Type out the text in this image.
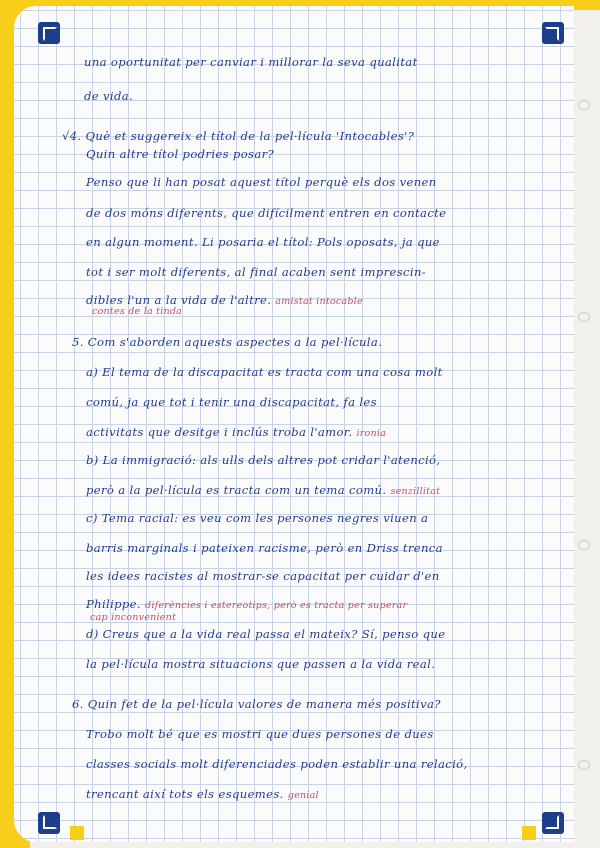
una oportunitat per canviar i millorar la seva qualitat
de vida.
√4. Què et suggereix el títol de la pel·lícula 'Intocables'?
Quin altre títol podries posar?
Penso que li han posat aquest títol perquè els dos venen
de dos móns diferents, que difícilment entren en contacte
en algun moment. Li posaria el títol: Pols oposats, ja que
tot i ser molt diferents, al final acaben sent imprescin-
dibles l'un a la vida de l'altre. amistat intocable
contes de la tinda
5. Com s'aborden aquests aspectes a la pel·lícula.
a) El tema de la discapacitat es tracta com una cosa molt
comú, ja que tot i tenir una discapacitat, fa les
activitats que desitge i inclús troba l'amor. ironia
b) La immigració: als ulls dels altres pot cridar l'atenció,
però a la pel·lícula es tracta com un tema comú. senzillitat
c) Tema racial: es veu com les persones negres viuen a
barris marginals i pateixen racisme, però en Driss trenca
les idees racistes al mostrar-se capacitat per cuidar d'en
Philippe. diferències i estereotips, però es tracta per superar
cap inconvenient
d) Creus que a la vida real passa el mateix? Sí, penso que
la pel·lícula mostra situacions que passen a la vida real.
6. Quin fet de la pel·lícula valores de manera més positiva?
Trobo molt bé que es mostri que dues persones de dues
classes socials molt diferenciades poden establir una relació,
trencant així tots els esquemes. genial
